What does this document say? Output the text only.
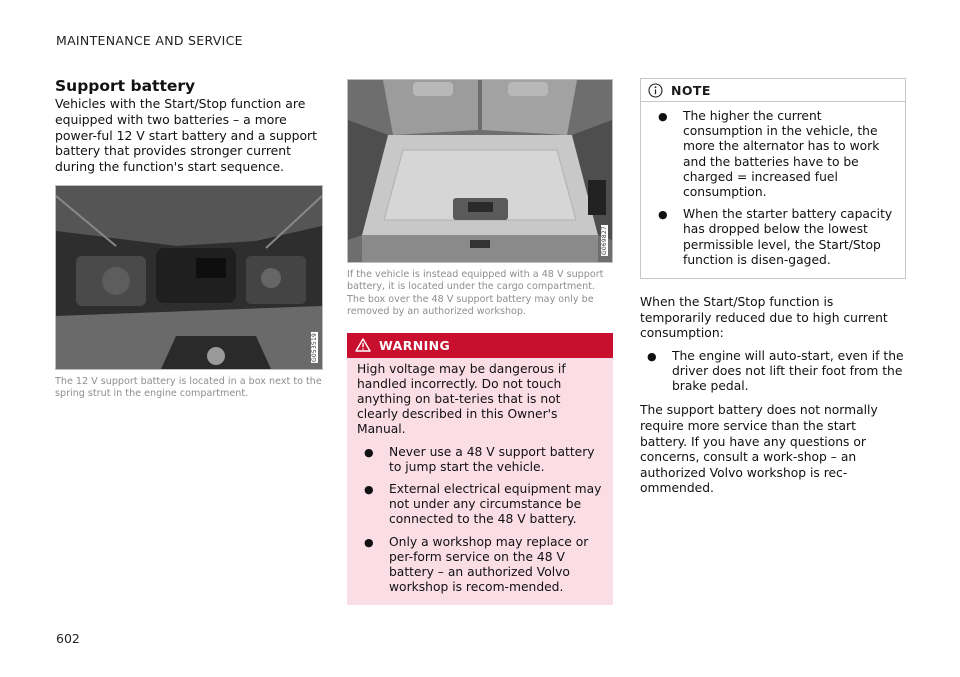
MAINTENANCE AND SERVICE
Support battery

Vehicles with the Start/Stop function are equipped with two batteries – a more power-ful 12 V start battery and a support battery that provides stronger current during the function's start sequence.

G053519

The 12 V support battery is located in a box next to the spring strut in the engine compartment.

G069827

If the vehicle is instead equipped with a 48 V support battery, it is located under the cargo compartment. The box over the 48 V support battery may only be removed by an authorized workshop.

WARNING

High voltage may be dangerous if handled incorrectly. Do not touch anything on bat-teries that is not clearly described in this Owner's Manual.

● Never use a 48 V support battery to jump start the vehicle.
● External electrical equipment may not under any circumstance be connected to the 48 V battery.
● Only a workshop may replace or per-form service on the 48 V battery – an authorized Volvo workshop is recom-mended.
NOTE
● The higher the current consumption in the vehicle, the more the alternator has to work and the batteries have to be charged = increased fuel consumption.
● When the starter battery capacity has dropped below the lowest permissible level, the Start/Stop function is disen-gaged.

When the Start/Stop function is temporarily reduced due to high current consumption:

● The engine will auto-start, even if the driver does not lift their foot from the brake pedal.

The support battery does not normally require more service than the start battery. If you have any questions or concerns, consult a work-shop – an authorized Volvo workshop is rec-ommended.

602
